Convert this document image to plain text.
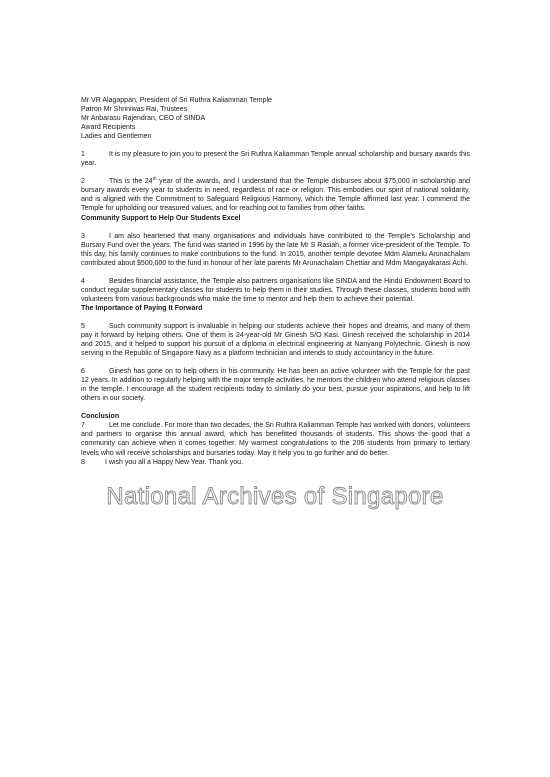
Mr VR Alagappan, President of Sri Ruthra Kaliamman Temple
Patron Mr Shriniwas Rai, Trustees
Mr Anbarasu Rajendran, CEO of SINDA
Award Recipients
Ladies and Gentlemen

1	It is my pleasure to join you to present the Sri Ruthra Kaliamman Temple annual scholarship and bursary awards this year.

2	This is the 24th year of the awards, and I understand that the Temple disburses about $75,000 in scholarship and bursary awards every year to students in need, regardless of race or religion. This embodies our spirit of national solidarity, and is aligned with the Commitment to Safeguard Religious Harmony, which the Temple affirmed last year. I commend the Temple for upholding our treasured values, and for reaching out to families from other faiths.

Community Support to Help Our Students Excel

3	I am also heartened that many organisations and individuals have contributed to the Temple’s Scholarship and Bursary Fund over the years. The fund was started in 1996 by the late Mr S Rasiah, a former vice-president of the Temple. To this day, his family continues to make contributions to the fund. In 2015, another temple devotee Mdm Alamelu Arunachalam contributed about $500,000 to the fund in honour of her late parents Mr Arunachalam Chettiar and Mdm Mangayakarasi Achi.

4	Besides financial assistance, the Temple also partners organisations like SINDA and the Hindu Endowment Board to conduct regular supplementary classes for students to help them in their studies. Through these classes, students bond with volunteers from various backgrounds who make the time to mentor and help them to achieve their potential.

The Importance of Paying It Forward

5	Such community support is invaluable in helping our students achieve their hopes and dreams, and many of them pay it forward by helping others. One of them is 24-year-old Mr Ginesh S/O Kasi. Ginesh received the scholarship in 2014 and 2015, and it helped to support his pursuit of a diploma in electrical engineering at Nanyang Polytechnic. Ginesh is now serving in the Republic of Singapore Navy as a platform technician and intends to study accountancy in the future.

6	Ginesh has gone on to help others in his community. He has been an active volunteer with the Temple for the past 12 years. In addition to regularly helping with the major temple activities, he mentors the children who attend religious classes in the temple. I encourage all the student recipients today to similarly do your best, pursue your aspirations, and help to lift others in our society.

Conclusion
7	Let me conclude. For more than two decades, the Sri Ruthra Kaliamman Temple has worked with donors, volunteers and partners to organise this annual award, which has benefitted thousands of students. This shows the good that a community can achieve when it comes together. My warmest congratulations to the 206 students from primary to tertiary levels who will receive scholarships and bursaries today. May it help you to go further and do better.

8	I wish you all a Happy New Year. Thank you.

National Archives of Singapore
